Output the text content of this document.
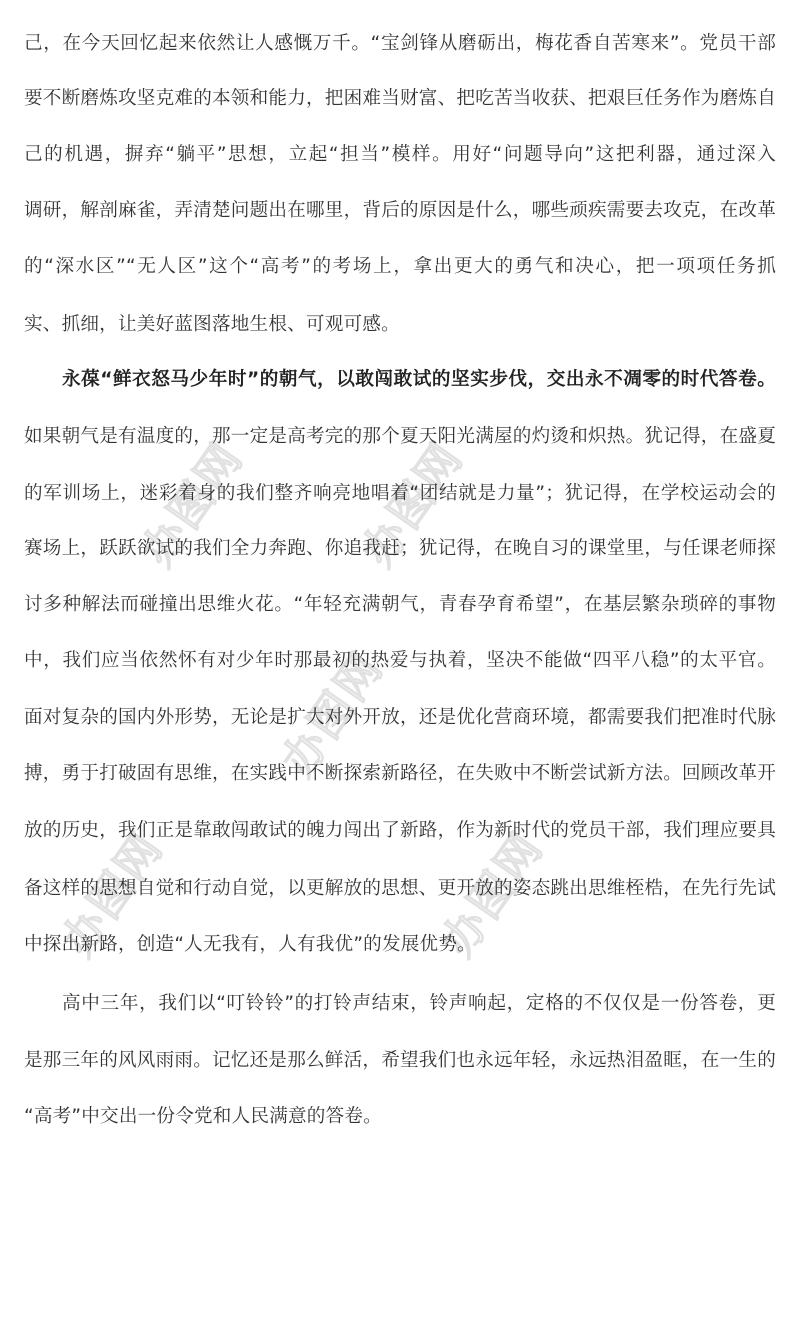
办图网 办图网
办图网
办图网	办图网
己，在今天回忆起来依然让人感慨万千。“宝剑锋从磨砺出，梅花香自苦寒来”。党员干部
要不断磨炼攻坚克难的本领和能力，把困难当财富、把吃苦当收获、把艰巨任务作为磨炼自
己的机遇，摒弃“躺平”思想，立起“担当”模样。用好“问题导向”这把利器，通过深入
调研，解剖麻雀，弄清楚问题出在哪里，背后的原因是什么，哪些顽疾需要去攻克，在改革
的“深水区”“无人区”这个“高考”的考场上，拿出更大的勇气和决心，把一项项任务抓
实、抓细，让美好蓝图落地生根、可观可感。
永葆“鲜衣怒马少年时”的朝气，以敢闯敢试的坚实步伐，交出永不凋零的时代答卷。
如果朝气是有温度的，那一定是高考完的那个夏天阳光满屋的灼烫和炽热。犹记得，在盛夏
的军训场上，迷彩着身的我们整齐响亮地唱着“团结就是力量”；犹记得，在学校运动会的
赛场上，跃跃欲试的我们全力奔跑、你追我赶；犹记得，在晚自习的课堂里，与任课老师探
讨多种解法而碰撞出思维火花。“年轻充满朝气，青春孕育希望”，在基层繁杂琐碎的事物
中，我们应当依然怀有对少年时那最初的热爱与执着，坚决不能做“四平八稳”的太平官。
面对复杂的国内外形势，无论是扩大对外开放，还是优化营商环境，都需要我们把准时代脉
搏，勇于打破固有思维，在实践中不断探索新路径，在失败中不断尝试新方法。回顾改革开
放的历史，我们正是靠敢闯敢试的魄力闯出了新路，作为新时代的党员干部，我们理应要具
备这样的思想自觉和行动自觉，以更解放的思想、更开放的姿态跳出思维桎梏，在先行先试
中探出新路，创造“人无我有，人有我优”的发展优势。
高中三年，我们以“叮铃铃”的打铃声结束，铃声响起，定格的不仅仅是一份答卷，更
是那三年的风风雨雨。记忆还是那么鲜活，希望我们也永远年轻，永远热泪盈眶，在一生的
“高考”中交出一份令党和人民满意的答卷。
